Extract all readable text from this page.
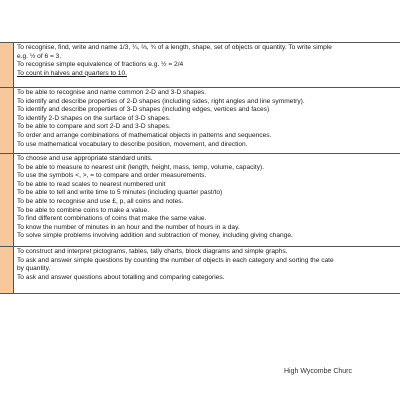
To recognise, find, write and name 1/3, ¼, ⅔, ¾ of a length, shape, set of objects or quantity. To write simple
e.g. ½ of 6 = 3.
To recognise simple equivalence of fractions e.g. ½ = 2/4
To count in halves and quarters to 10.
To be able to recognise and name common 2-D and 3-D shapes.
To identify and describe properties of 2-D shapes (including sides, right angles and line symmetry).
To identify and describe properties of 3-D shapes (including edges, vertices and faces)
To identify 2-D shapes on the surface of 3-D shapes.
To be able to compare and sort 2-D and 3-D shapes.
To order and arrange combinations of mathematical objects in patterns and sequences.
To use mathematical vocabulary to describe position, movement, and direction.
To choose and use appropriate standard units.
To be able to measure to nearest unit (length, height, mass, temp, volume, capacity).
To use the symbols <, >, = to compare and order measurements.
To be able to read scales to nearest numbered unit
To be able to tell and write time to 5 minutes (including quarter past/to)
To be able to recognise and use £, p, all coins and notes.
To be able to combine coins to make a value.
To find different combinations of coins that make the same value.
To know the number of minutes in an hour and the number of hours in a day.
To solve simple problems involving addition and subtraction of money, including giving change.
To construct and interpret pictograms, tables, tally charts, block diagrams and simple graphs.
To ask and answer simple questions by counting the number of objects in each category and sorting the cate
by quantity.
To ask and answer questions about totalling and comparing categories.
High Wycombe Churc
